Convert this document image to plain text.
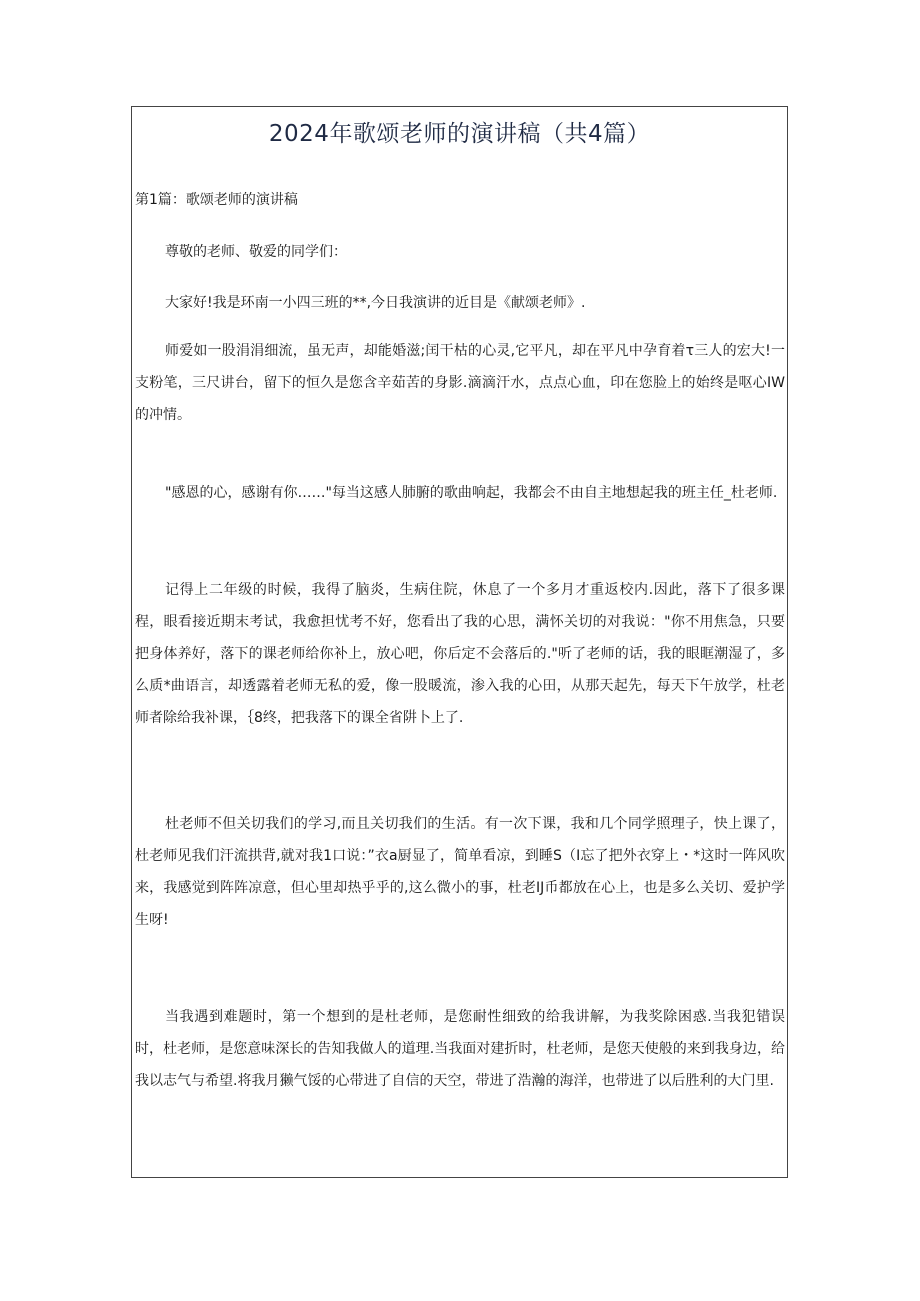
2024年歌颂老师的演讲稿（共4篇）
第1篇：歌颂老师的演讲稿

尊敬的老师、敬爱的同学们：

大家好!我是环南一小四三班的**,今日我演讲的近目是《献颂老师》.

师爱如一股涓涓细流，虽无声，却能婚滋;闰干枯的心灵,它平凡，却在平凡中孕育着τ三人的宏大!一支粉笔，三尺讲台，留下的恒久是您含辛茹苦的身影.滴滴汗水，点点心血，印在您脸上的始终是呕心IW的冲情。

"感恩的心，感谢有你……"每当这感人肺腑的歌曲响起，我都会不由自主地想起我的班主任_杜老师.

记得上二年级的时候，我得了脑炎，生病住院，休息了一个多月才重返校内.因此，落下了很多课程，眼看接近期末考试，我愈担忧考不好，您看出了我的心思，满怀关切的对我说："你不用焦急，只要把身体养好，落下的课老师给你补上，放心吧，你后定不会落后的."听了老师的话，我的眼眶潮湿了，多么质*曲语言，却透露着老师无私的爱，像一股暖流，渗入我的心田，从那天起先，每天下午放学，杜老师者除给我补课，｛8终，把我落下的课全省阱卜上了.

杜老师不但关切我们的学习,而且关切我们的生活。有一次下课，我和几个同学照理子，快上课了，杜老师见我们汗流拱背,就对我1口说：”衣a厨显了，简单看凉，到睡S（I忘了把外衣穿上・*这时一阵风吹来，我感觉到阵阵凉意，但心里却热乎乎的,这么微小的事，杜老IJ币都放在心上，也是多么关切、爱护学生呀!

当我遇到难题时，第一个想到的是杜老师，是您耐性细致的给我讲解，为我奖除困惑.当我犯错误时，杜老师，是您意味深长的告知我做人的道理.当我面对建折时，杜老师，是您天使般的来到我身边，给我以志气与希望.将我月獭气馁的心带进了自信的天空，带进了浩瀚的海洋，也带进了以后胜利的大门里.
